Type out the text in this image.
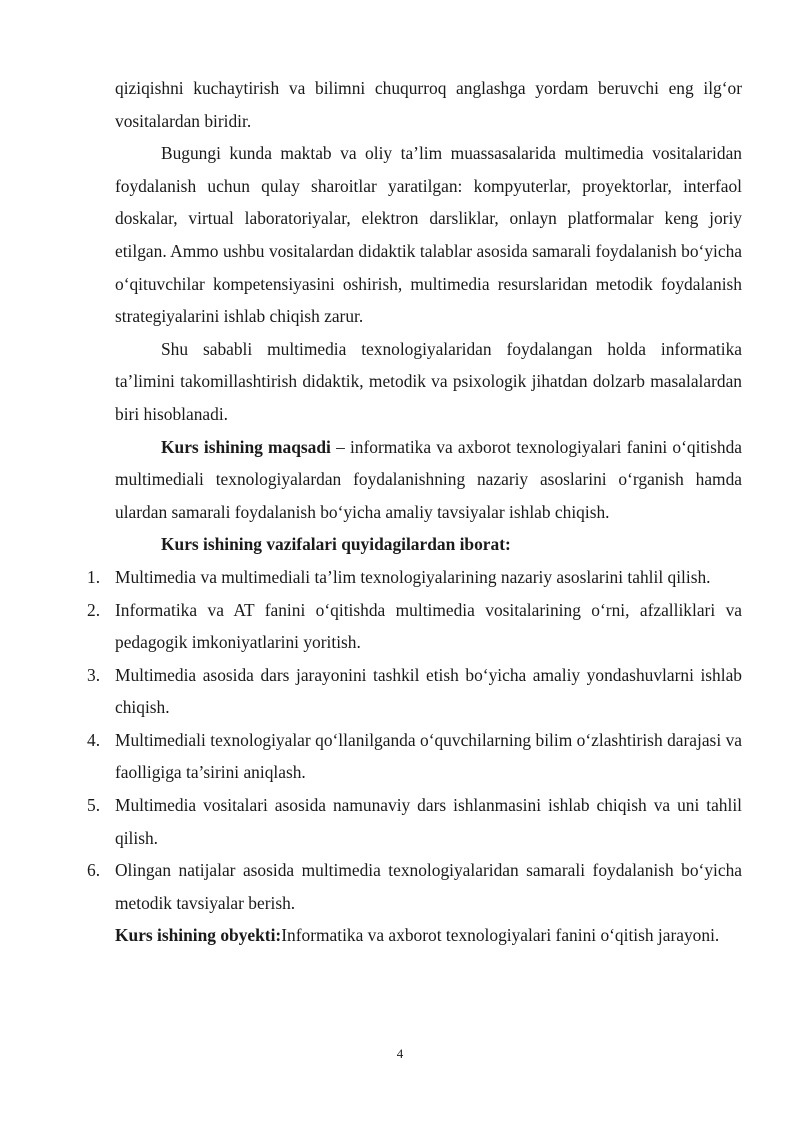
qiziqishni kuchaytirish va bilimni chuqurroq anglashga yordam beruvchi eng ilg‘or vositalardan biridir.

Bugungi kunda maktab va oliy ta’lim muassasalarida multimedia vositalaridan foydalanish uchun qulay sharoitlar yaratilgan: kompyuterlar, proyektorlar, interfaol doskalar, virtual laboratoriyalar, elektron darsliklar, onlayn platformalar keng joriy etilgan. Ammo ushbu vositalardan didaktik talablar asosida samarali foydalanish bo‘yicha o‘qituvchilar kompetensiyasini oshirish, multimedia resurslaridan metodik foydalanish strategiyalarini ishlab chiqish zarur.

Shu sababli multimedia texnologiyalaridan foydalangan holda informatika ta’limini takomillashtirish didaktik, metodik va psixologik jihatdan dolzarb masalalardan biri hisoblanadi.

Kurs ishining maqsadi – informatika va axborot texnologiyalari fanini o‘qitishda multimediali texnologiyalardan foydalanishning nazariy asoslarini o‘rganish hamda ulardan samarali foydalanish bo‘yicha amaliy tavsiyalar ishlab chiqish.

Kurs ishining vazifalari quyidagilardan iborat:

1. Multimedia va multimediali ta’lim texnologiyalarining nazariy asoslarini tahlil qilish.
2. Informatika va AT fanini o‘qitishda multimedia vositalarining o‘rni, afzalliklari va pedagogik imkoniyatlarini yoritish.
3. Multimedia asosida dars jarayonini tashkil etish bo‘yicha amaliy yondashuvlarni ishlab chiqish.
4. Multimediali texnologiyalar qo‘llanilganda o‘quvchilarning bilim o‘zlashtirish darajasi va faolligiga ta’sirini aniqlash.
5. Multimedia vositalari asosida namunaviy dars ishlanmasini ishlab chiqish va uni tahlil qilish.
6. Olingan natijalar asosida multimedia texnologiyalaridan samarali foydalanish bo‘yicha metodik tavsiyalar berish.

Kurs ishining obyekti:Informatika va axborot texnologiyalari fanini o‘qitish jarayoni.

4
